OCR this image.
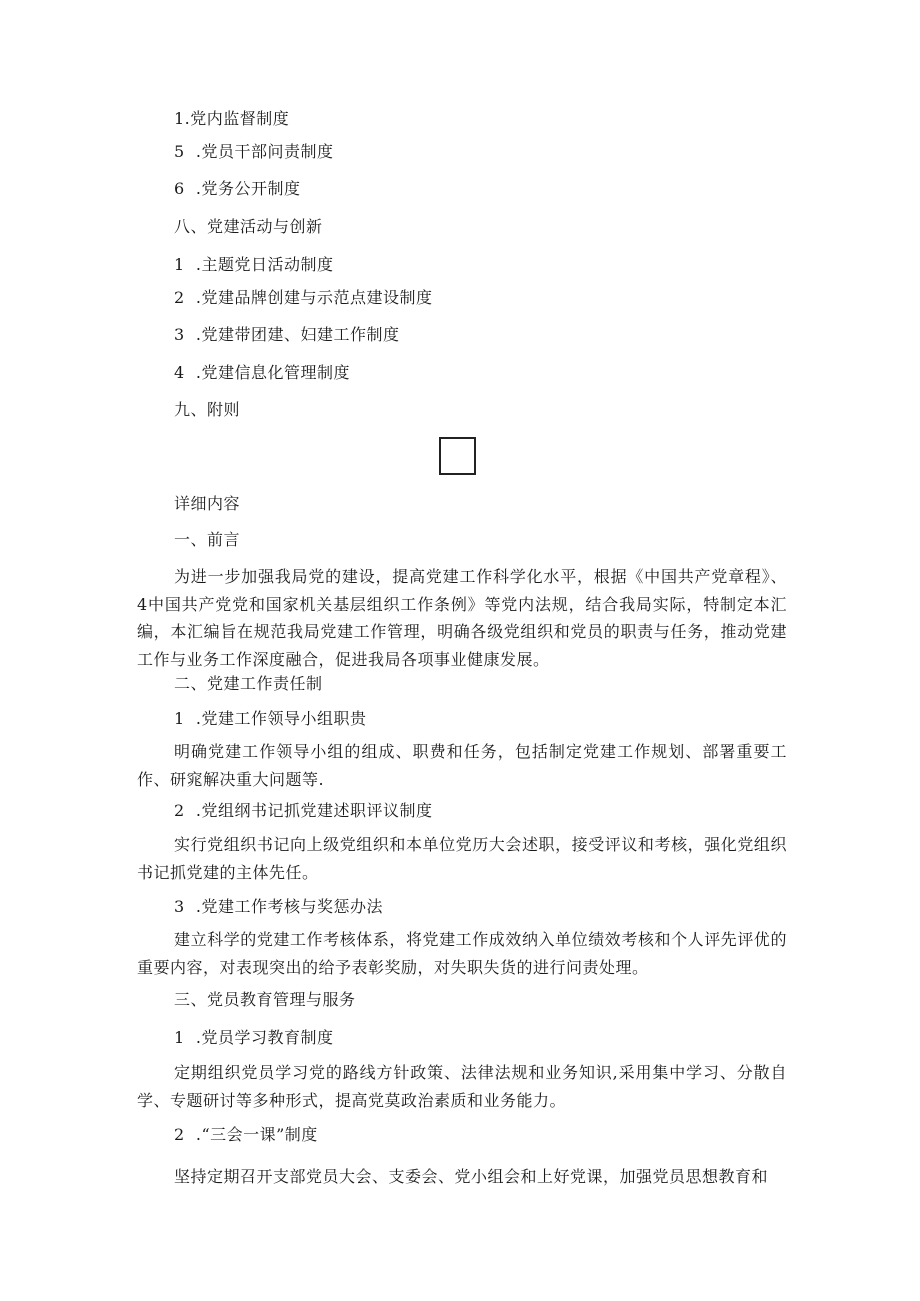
1.党内监督制度
5  .党员干部问责制度
6  .党务公开制度
八、党建活动与创新
1  .主题党日活动制度
2  .党建品牌创建与示范点建设制度
3  .党建带团建、妇建工作制度
4  .党建信息化管理制度
九、附则
详细内容
一、前言
为进一步加强我局党的建设，提高党建工作科学化水平，根据《中国共产党章程》、4中国共产党党和国家机关基层组织工作条例》等党内法规，结合我局实际，特制定本汇编，本汇编旨在规范我局党建工作管理，明确各级党组织和党员的职责与任务，推动党建工作与业务工作深度融合，促进我局各项事业健康发展。
二、党建工作责任制
1  .党建工作领导小组职贵
明确党建工作领导小组的组成、职费和任务，包括制定党建工作规划、部署重要工作、研窕解决重大问题等.
2  .党组纲书记抓党建述职评议制度
实行党组织书记向上级党组织和本单位党历大会述职，接受评议和考核，强化党组织书记抓党建的主体先任。
3  .党建工作考核与奖惩办法
建立科学的党建工作考核体系，将党建工作成效纳入单位绩效考核和个人评先评优的重要内容，对表现突出的给予表彰奖励，对失职失货的进行问责处理。
三、党员教育管理与服务
1  .党员学习教育制度
定期组织党员学习党的路线方针政策、法律法规和业务知识,采用集中学习、分散自学、专题研讨等多种形式，提高党莫政治素质和业务能力。
2  .“三会一课”制度
坚持定期召开支部党员大会、支委会、党小组会和上好党课，加强党员思想教育和
